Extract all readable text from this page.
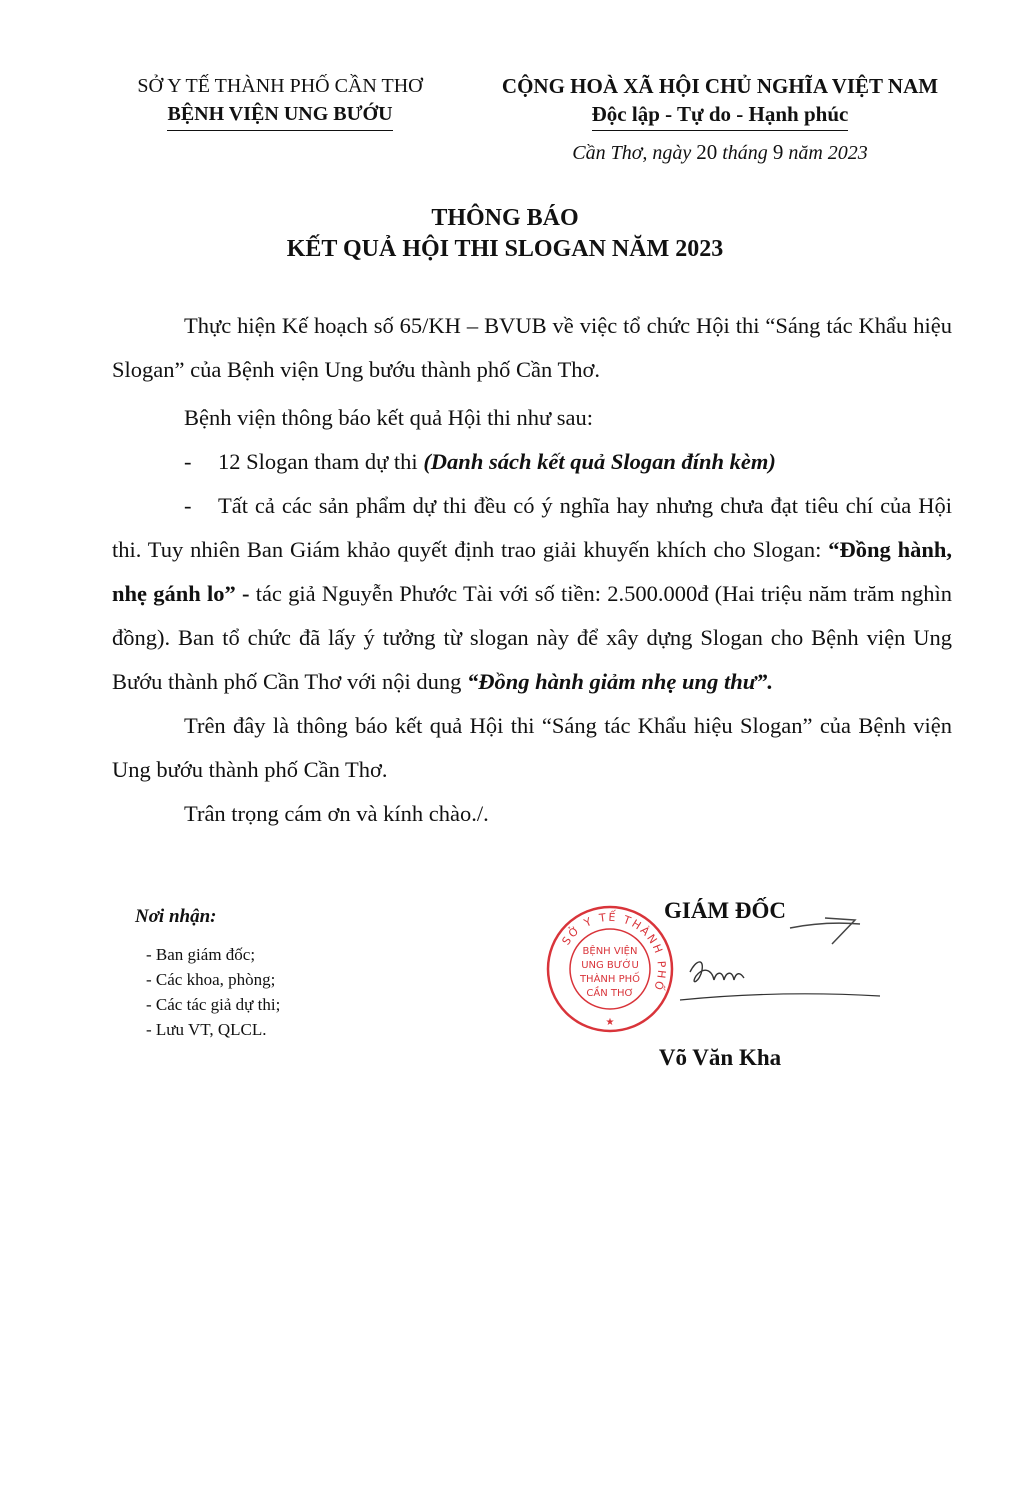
SỞ Y TẾ THÀNH PHỐ CẦN THƠ
BỆNH VIỆN UNG BƯỚU
CỘNG HOÀ XÃ HỘI CHỦ NGHĨA VIỆT NAM
Độc lập - Tự do - Hạnh phúc
Cần Thơ, ngày 20 tháng 9 năm 2023
THÔNG BÁO
KẾT QUẢ HỘI THI SLOGAN NĂM 2023

Thực hiện Kế hoạch số 65/KH – BVUB về việc tổ chức Hội thi “Sáng tác Khẩu hiệu Slogan” của Bệnh viện Ung bướu thành phố Cần Thơ.

Bệnh viện thông báo kết quả Hội thi như sau:

- 12 Slogan tham dự thi (Danh sách kết quả Slogan đính kèm)

- Tất cả các sản phẩm dự thi đều có ý nghĩa hay nhưng chưa đạt tiêu chí của Hội thi. Tuy nhiên Ban Giám khảo quyết định trao giải khuyến khích cho Slogan: “Đồng hành, nhẹ gánh lo” - tác giả Nguyễn Phước Tài với số tiền: 2.500.000đ (Hai triệu năm trăm nghìn đồng). Ban tổ chức đã lấy ý tưởng từ slogan này để xây dựng Slogan cho Bệnh viện Ung Bướu thành phố Cần Thơ với nội dung “Đồng hành giảm nhẹ ung thư”.

Trên đây là thông báo kết quả Hội thi “Sáng tác Khẩu hiệu Slogan” của Bệnh viện Ung bướu thành phố Cần Thơ.

Trân trọng cám ơn và kính chào./.

Nơi nhận:
- Ban giám đốc;
- Các khoa, phòng;
- Các tác giả dự thi;
- Lưu VT, QLCL.
SỞ Y TẾ THÀNH PHỐ
BỆNH VIỆN
UNG BƯỚU
THÀNH PHỐ
CẦN THƠ
★
GIÁM ĐỐC
Võ Văn Kha
